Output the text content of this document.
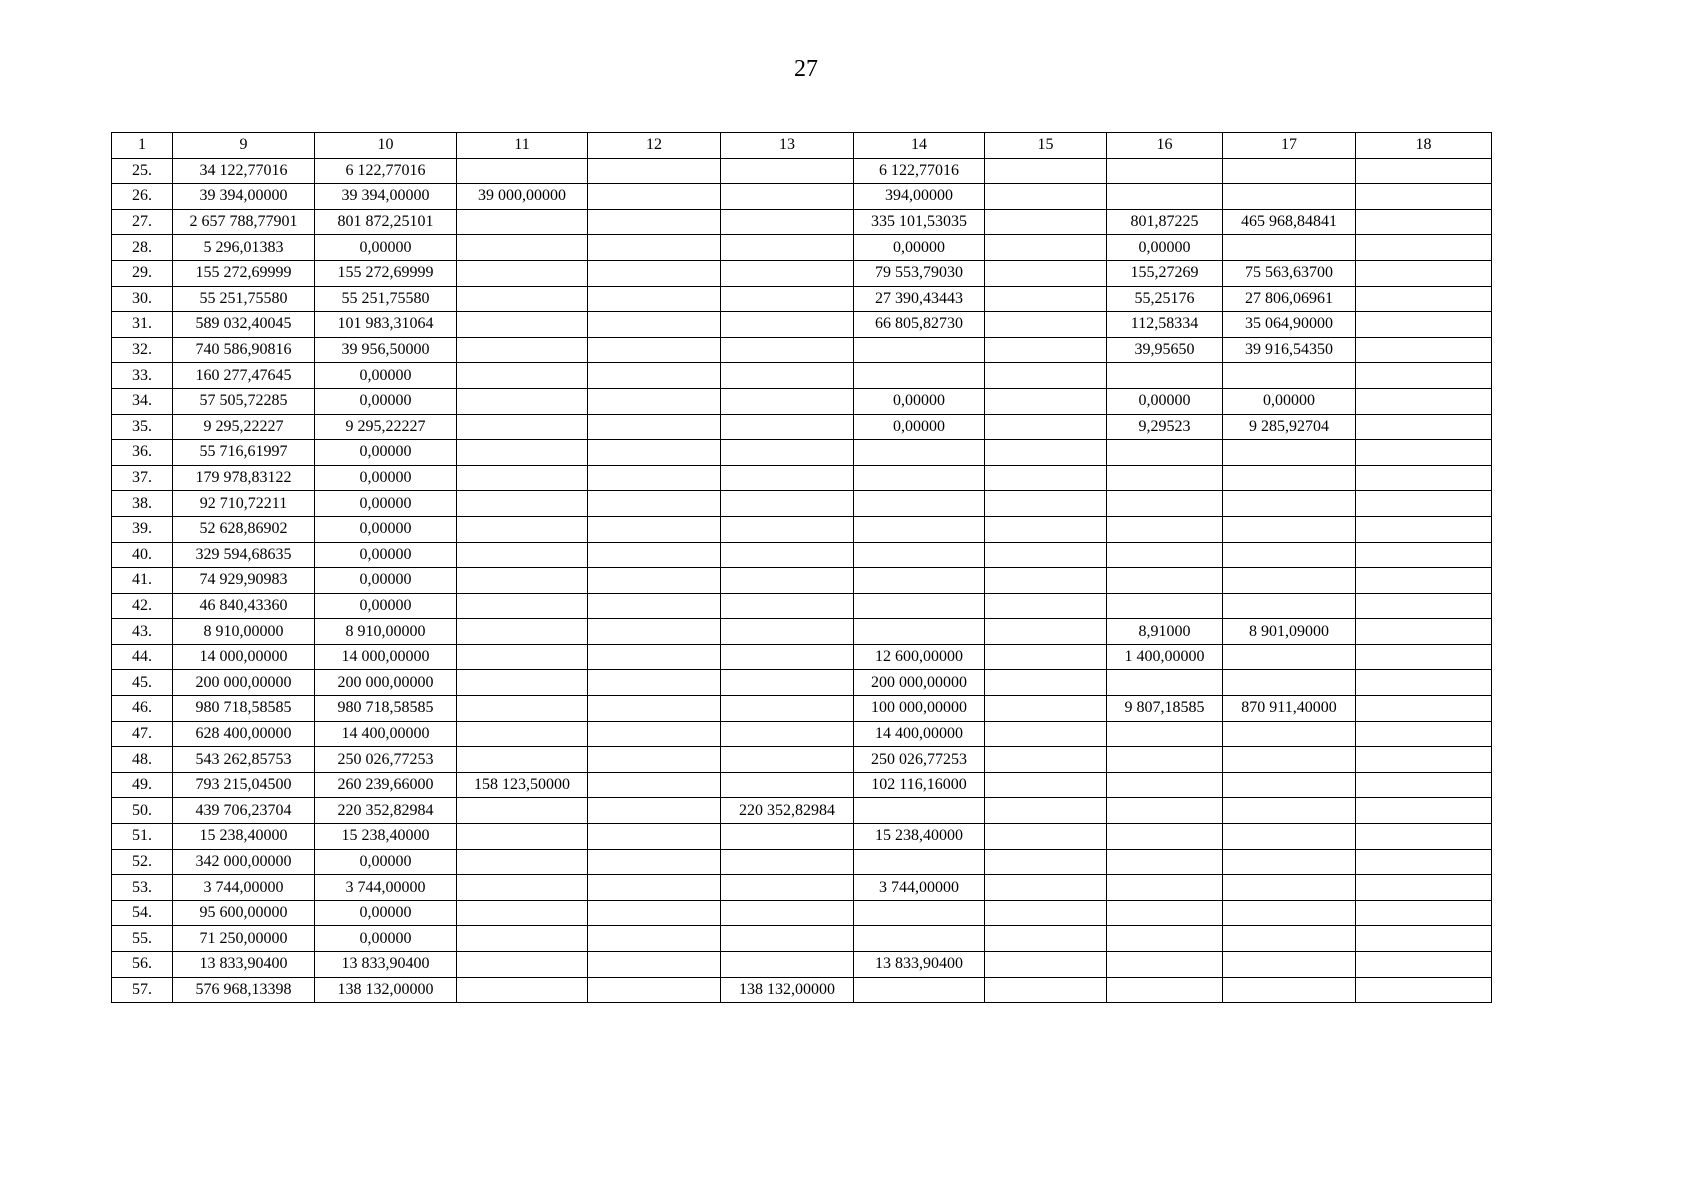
27
1	9	10	11	12	13	14	15	16	17	18
25.	34 122,77016	6 122,77016				6 122,77016				
26.	39 394,00000	39 394,00000	39 000,00000			394,00000				
27.	2 657 788,77901	801 872,25101				335 101,53035		801,87225	465 968,84841	
28.	5 296,01383	0,00000				0,00000		0,00000		
29.	155 272,69999	155 272,69999				79 553,79030		155,27269	75 563,63700	
30.	55 251,75580	55 251,75580				27 390,43443		55,25176	27 806,06961	
31.	589 032,40045	101 983,31064				66 805,82730		112,58334	35 064,90000	
32.	740 586,90816	39 956,50000						39,95650	39 916,54350	
33.	160 277,47645	0,00000								
34.	57 505,72285	0,00000				0,00000		0,00000	0,00000	
35.	9 295,22227	9 295,22227				0,00000		9,29523	9 285,92704	
36.	55 716,61997	0,00000								
37.	179 978,83122	0,00000								
38.	92 710,72211	0,00000								
39.	52 628,86902	0,00000								
40.	329 594,68635	0,00000								
41.	74 929,90983	0,00000								
42.	46 840,43360	0,00000								
43.	8 910,00000	8 910,00000						8,91000	8 901,09000	
44.	14 000,00000	14 000,00000				12 600,00000		1 400,00000		
45.	200 000,00000	200 000,00000				200 000,00000				
46.	980 718,58585	980 718,58585				100 000,00000		9 807,18585	870 911,40000	
47.	628 400,00000	14 400,00000				14 400,00000				
48.	543 262,85753	250 026,77253				250 026,77253				
49.	793 215,04500	260 239,66000	158 123,50000			102 116,16000				
50.	439 706,23704	220 352,82984			220 352,82984					
51.	15 238,40000	15 238,40000				15 238,40000				
52.	342 000,00000	0,00000								
53.	3 744,00000	3 744,00000				3 744,00000				
54.	95 600,00000	0,00000								
55.	71 250,00000	0,00000								
56.	13 833,90400	13 833,90400				13 833,90400				
57.	576 968,13398	138 132,00000			138 132,00000					
